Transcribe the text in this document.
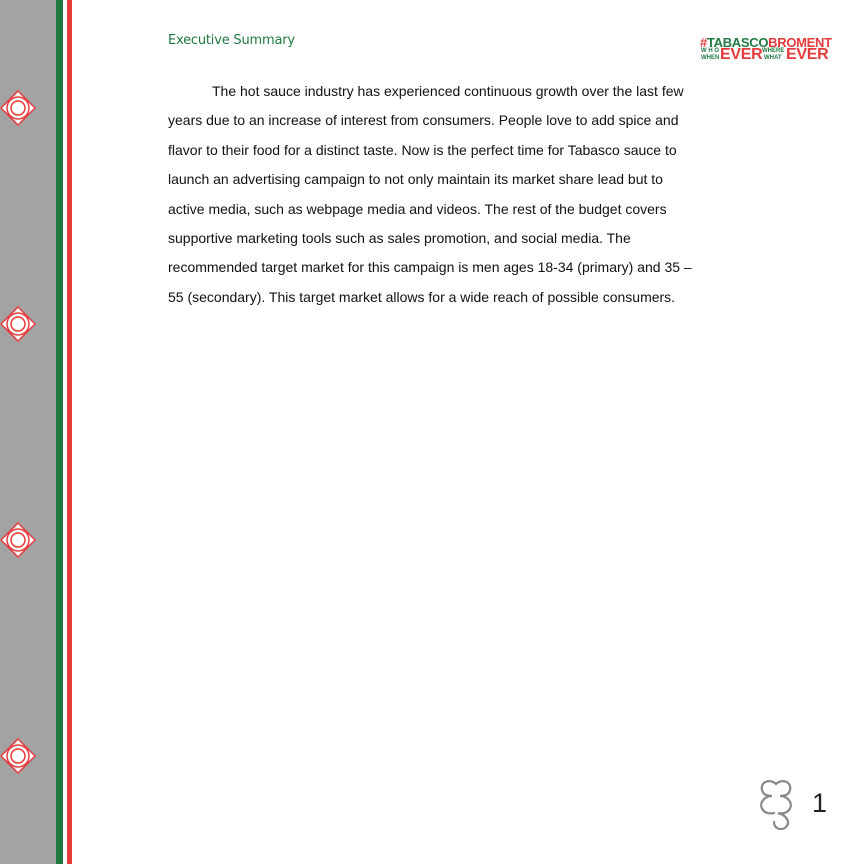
Executive Summary	#TABASCOBROMENT
W H O
WHEN EVER WHERE
WHAT EVER

The hot sauce industry has experienced continuous growth over the last few years due to an increase of interest from consumers. People love to add spice and flavor to their food for a distinct taste. Now is the perfect time for Tabasco sauce to launch an advertising campaign to not only maintain its market share lead but to active media, such as webpage media and videos. The rest of the budget covers supportive marketing tools such as sales promotion, and social media. The recommended target market for this campaign is men ages 18-34 (primary) and 35 – 55 (secondary). This target market allows for a wide reach of possible consumers.

1
